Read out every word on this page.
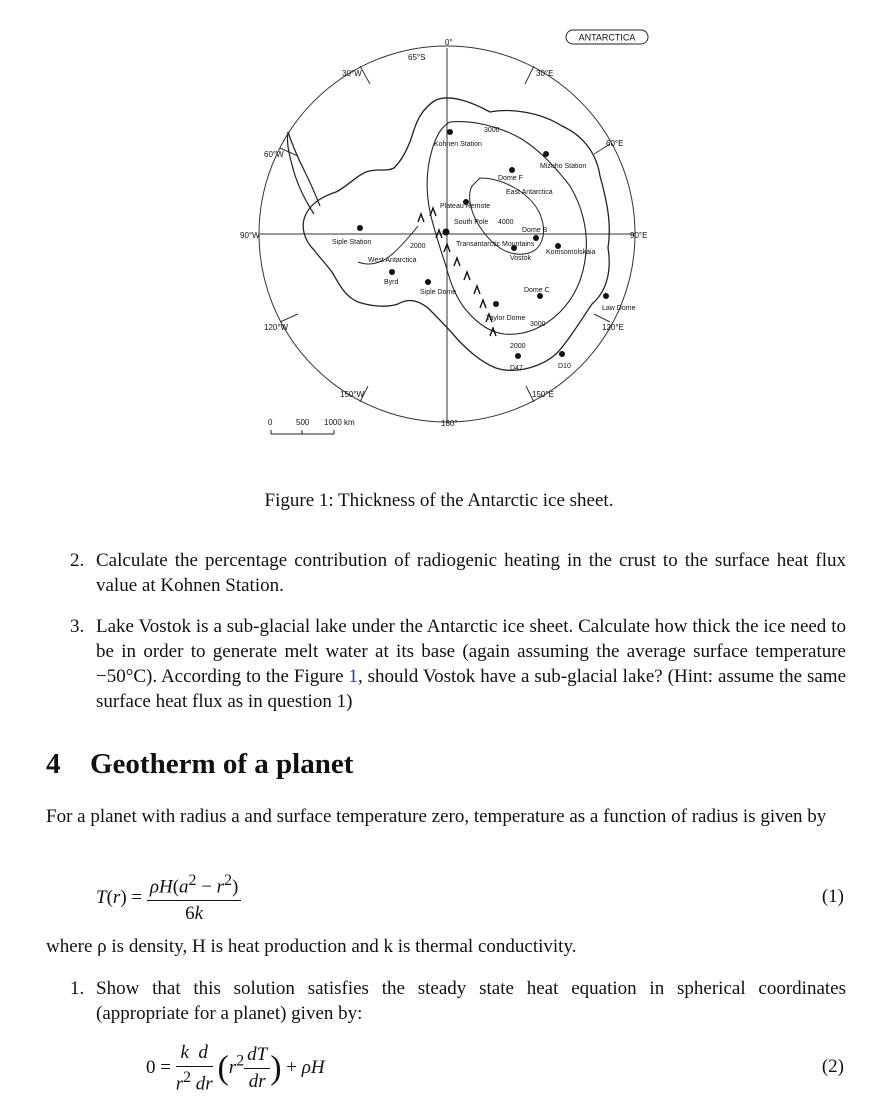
ANTARCTICA
0°
30°E
60°E
90°E
120°E
150°E
180°
150°W
120°W
90°W
60°W
30°W
65°S
Kohnen Station
Mizuho Station
Dome F
Plateau Remote
East Antarctica
South Pole
Dome B
Transantarctic Mountains
Vostok
Komsomolskaia
Siple Station
West Antarctica
Byrd
Siple Dome	Dome C
Law Dome
Taylor Dome
D47	D10
3000
4000
2000
3000
2000
0	500 1000 km
Figure 1: Thickness of the Antarctic ice sheet.
2. Calculate the percentage contribution of radiogenic heating in the crust to the surface heat flux value at Kohnen Station.
3. Lake Vostok is a sub-glacial lake under the Antarctic ice sheet. Calculate how thick the ice need to be in order to generate melt water at its base (again assuming the average surface temperature −50°C). According to the Figure 1, should Vostok have a sub-glacial lake? (Hint: assume the same surface heat flux as in question 1)
4 Geotherm of a planet
For a planet with radius a and surface temperature zero, temperature as a function of radius is given by
$T(r) = \frac{\rho H(a^2 - r^2)}{6k}$	(1)
where ρ is density, H is heat production and k is thermal conductivity.
1. Show that this solution satisfies the steady state heat equation in spherical coordinates (appropriate for a planet) given by:
$0 = \frac{\text{k d}}{r^2 dr} (r^2 \frac{dT}{dr}$ ) + ρH	(2)
